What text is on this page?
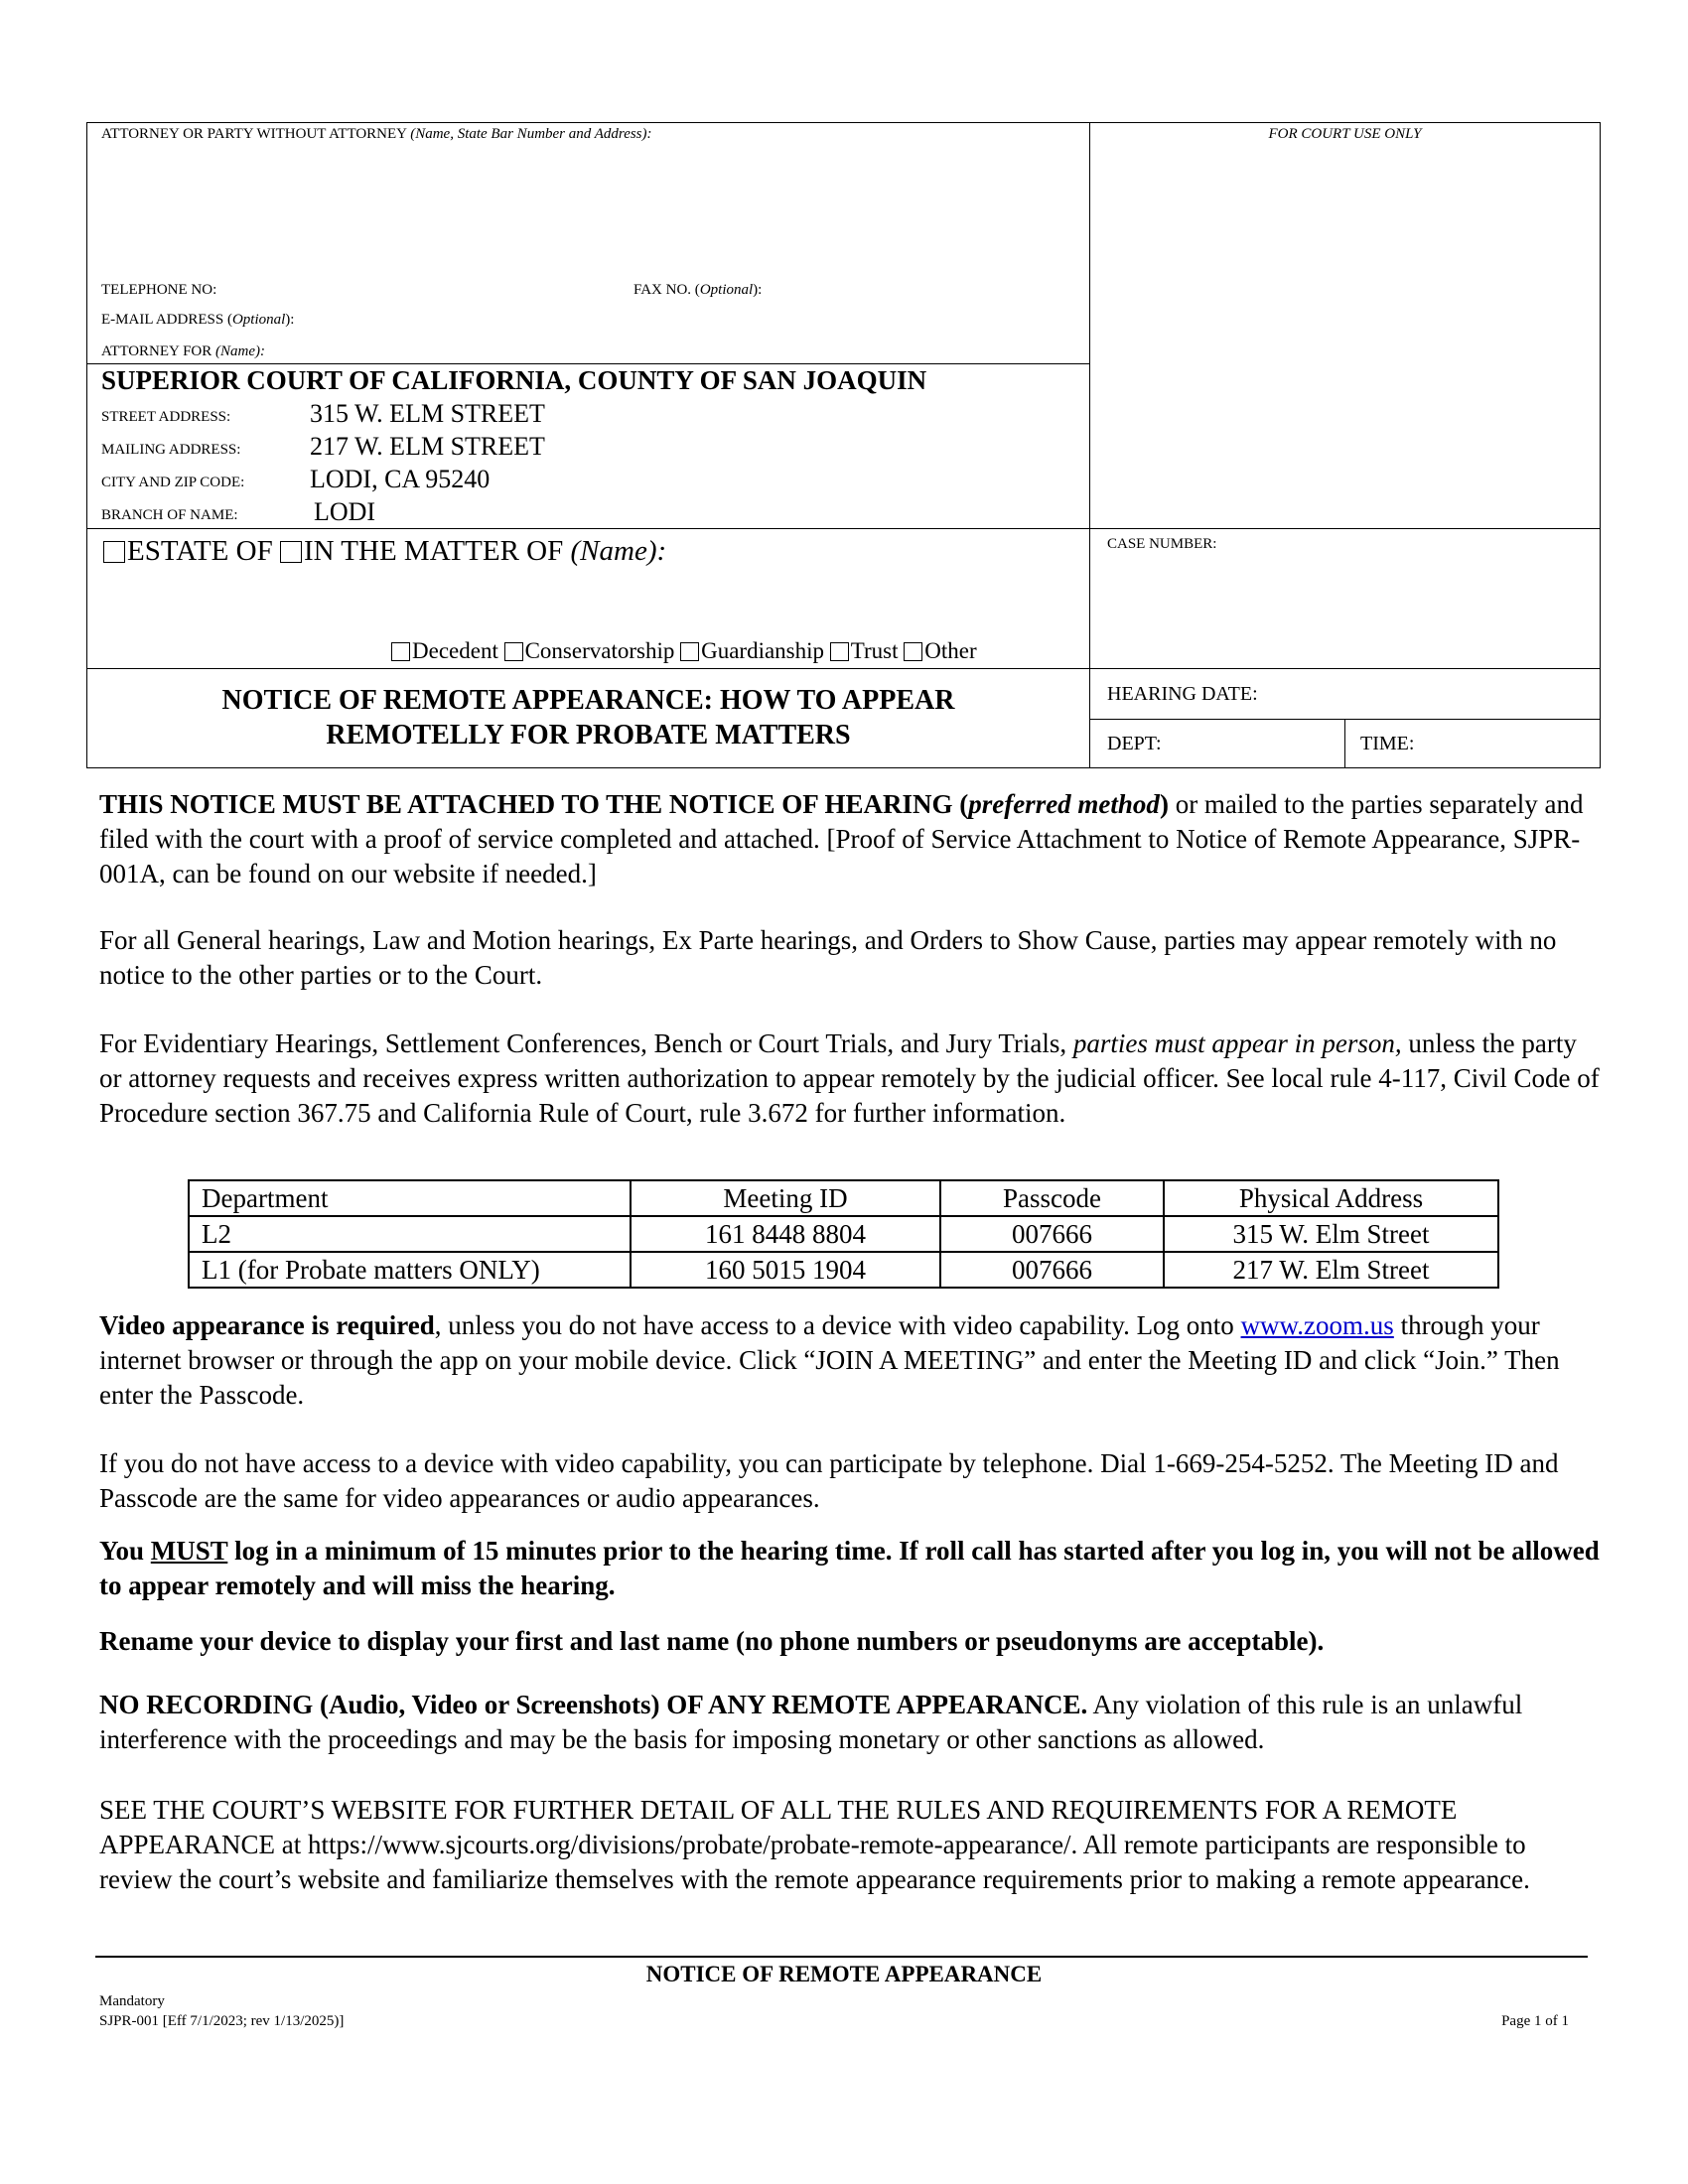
ATTORNEY OR PARTY WITHOUT ATTORNEY (Name, State Bar Number and Address):
TELEPHONE NO:	FAX NO. (Optional):
E-MAIL ADDRESS (Optional):
ATTORNEY FOR (Name):
FOR COURT USE ONLY
SUPERIOR COURT OF CALIFORNIA, COUNTY OF SAN JOAQUIN
STREET ADDRESS:	315 W. ELM STREET
MAILING ADDRESS:	217 W. ELM STREET
CITY AND ZIP CODE:	LODI, CA 95240
BRANCH OF NAME:	LODI
ESTATE OF IN THE MATTER OF (Name):
Decedent Conservatorship Guardianship Trust Other
CASE NUMBER:
NOTICE OF REMOTE APPEARANCE: HOW TO APPEAR
REMOTELLY FOR PROBATE MATTERS
HEARING DATE:
DEPT:	TIME:
THIS NOTICE MUST BE ATTACHED TO THE NOTICE OF HEARING (preferred method) or mailed to the parties separately and filed with the court with a proof of service completed and attached. [Proof of Service Attachment to Notice of Remote Appearance, SJPR-001A, can be found on our website if needed.]
For all General hearings, Law and Motion hearings, Ex Parte hearings, and Orders to Show Cause, parties may appear remotely with no notice to the other parties or to the Court.
For Evidentiary Hearings, Settlement Conferences, Bench or Court Trials, and Jury Trials, parties must appear in person, unless the party or attorney requests and receives express written authorization to appear remotely by the judicial officer. See local rule 4-117, Civil Code of Procedure section 367.75 and California Rule of Court, rule 3.672 for further information.
Department	Meeting ID	Passcode	Physical Address
L2	161 8448 8804	007666	315 W. Elm Street
L1 (for Probate matters ONLY)	160 5015 1904	007666	217 W. Elm Street
Video appearance is required, unless you do not have access to a device with video capability. Log onto www.zoom.us through your internet browser or through the app on your mobile device. Click “JOIN A MEETING” and enter the Meeting ID and click “Join.” Then enter the Passcode.
If you do not have access to a device with video capability, you can participate by telephone. Dial 1-669-254-5252. The Meeting ID and Passcode are the same for video appearances or audio appearances.
You MUST log in a minimum of 15 minutes prior to the hearing time. If roll call has started after you log in, you will not be allowed to appear remotely and will miss the hearing.
Rename your device to display your first and last name (no phone numbers or pseudonyms are acceptable).
NO RECORDING (Audio, Video or Screenshots) OF ANY REMOTE APPEARANCE. Any violation of this rule is an unlawful interference with the proceedings and may be the basis for imposing monetary or other sanctions as allowed.
SEE THE COURT’S WEBSITE FOR FURTHER DETAIL OF ALL THE RULES AND REQUIREMENTS FOR A REMOTE APPEARANCE at https://www.sjcourts.org/divisions/probate/probate-remote-appearance/. All remote participants are responsible to review the court’s website and familiarize themselves with the remote appearance requirements prior to making a remote appearance.
NOTICE OF REMOTE APPEARANCE
Mandatory
SJPR-001 [Eff 7/1/2023; rev 1/13/2025)]	Page 1 of 1
